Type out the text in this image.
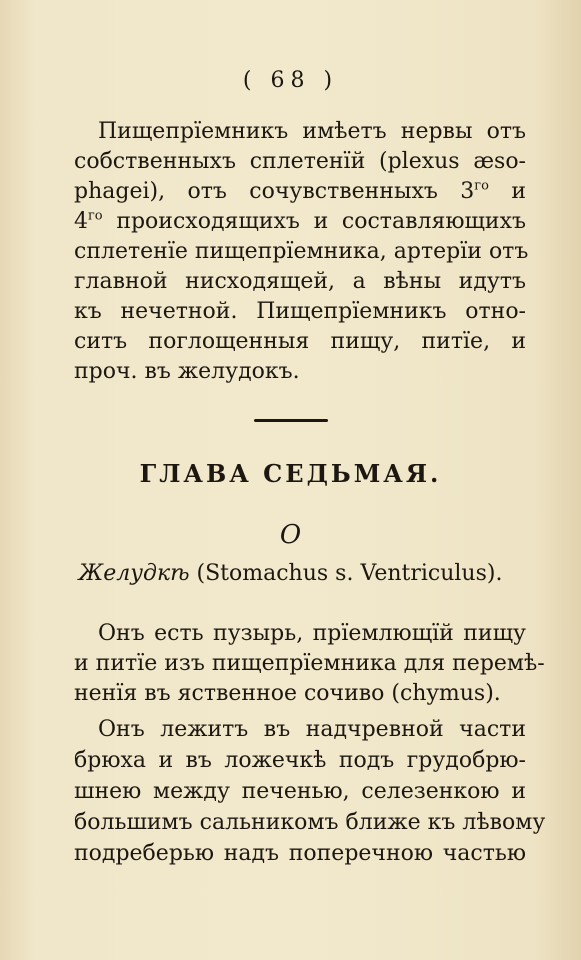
( 68 )
Пищепрїемникъ имѣетъ нервы отъ
собственныхъ сплетенїй (plexus æso-
phagei), отъ сочувственныхъ $3^{го}$ и
$4^{го}$ происходящихъ и составляющихъ
сплетенїе пищепрїемника, артерїи отъ
главной нисходящей, а вѣны идутъ
къ нечетной. Пищепрїемникъ отно-
ситъ поглощенныя пищу, питїе, и
проч. въ желудокъ.
ГЛАВА СЕДЬМАЯ.
О
Желудкѣ (Stomachus s. Ventriculus).
Онъ есть пузырь, прїемлющїй пищу
и питїе изъ пищепрїемника для перемѣ-
ненїя въ яственное сочиво (chymus).
Онъ лежитъ въ надчревной части
брюха и въ ложечкѣ подъ грудобрю-
шнею между печенью, селезенкою и
большимъ сальникомъ ближе къ лѣвому
подреберью надъ поперечною частью
